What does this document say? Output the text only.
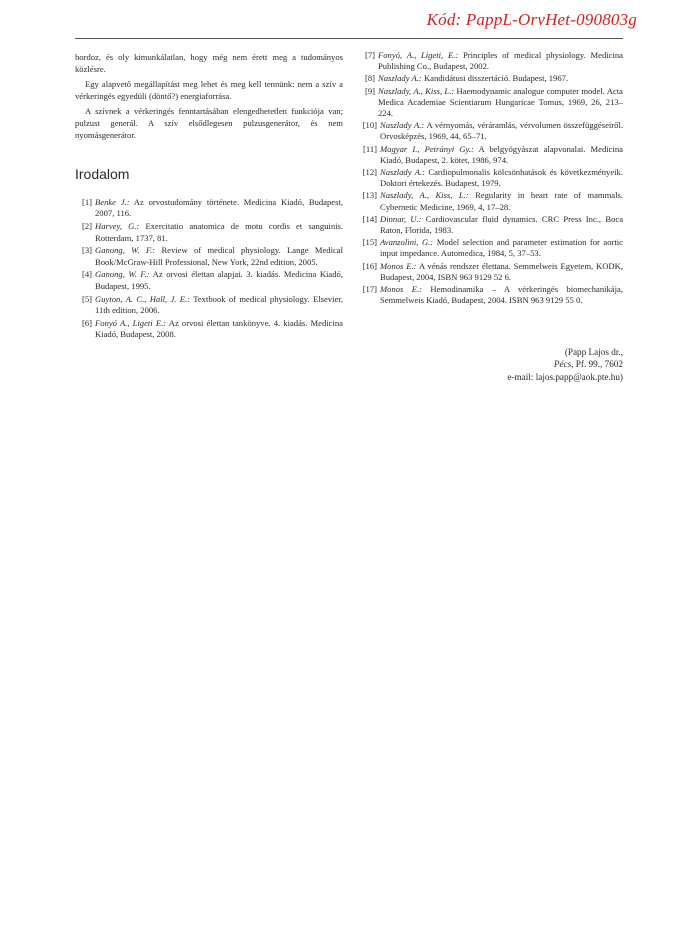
Kód: PappL-OrvHet-090803g

hordoz, és oly kimunkálatlan, hogy még nem érett meg a tudományos közlésre.

Egy alapvető megállapítást meg lehet és meg kell tennünk: nem a szív a vérkeringés egyedüli (döntő?) energiaforrása.

A szívnek a vérkeringés fenntartásában elengedhetetlen funkciója van; pulzust generál. A szív elsődlegesen pulzusgenerátor, és nem nyomásgenerátor.

Irodalom
[1] Benke J.: Az orvostudomány története. Medicina Kiadó, Budapest, 2007, 116.
[2] Harvey, G.: Exercitatio anatomica de motu cordis et sanguinis. Rotterdam, 1737, 81.
[3] Ganong, W. F.: Review of medical physiology. Lange Medical Book/McGraw-Hill Professional, New York, 22nd edition, 2005.
[4] Ganong, W. F.: Az orvosi élettan alapjai. 3. kiadás. Medicina Kiadó, Budapest, 1995.
[5] Guyton, A. C., Hall, J. E.: Textbook of medical physiology. Elsevier, 11th edition, 2006.
[6] Fonyó A., Ligeti E.: Az orvosi élettan tankönyve. 4. kiadás. Medicina Kiadó, Budapest, 2008.
[7] Fonyó, A., Ligeti, E.: Principles of medical physiology. Medicina Publishing Co., Budapest, 2002.
[8] Naszlady A.: Kandidátusi disszertáció. Budapest, 1967.
[9] Naszlady, A., Kiss, L.: Haemodynamic analogue computer model. Acta Medica Academiae Scientiarum Hungaricae Tomus, 1969, 26, 213–224.
[10] Naszlady A.: A vérnyomás, véráramlás, vérvolumen összefüggéseiről. Orvosképzés, 1969, 44, 65–71.
[11] Magyar I., Petrányi Gy.: A belgyógyászat alapvonalai. Medicina Kiadó, Budapest, 2. kötet, 1986, 974.
[12] Naszlady A.: Cardiopulmonalis kölcsönhatások és következményeik. Doktori értekezés. Budapest, 1979.
[13] Naszlady, A., Kiss, L.: Regularity in heart rate of mammals. Cybernetic Medicine, 1969, 4, 17–28.
[14] Dinnar, U.: Cardiovascular fluid dynamics. CRC Press Inc., Boca Raton, Florida, 1983.
[15] Avanzolini, G.: Model selection and parameter estimation for aortic input impedance. Automedica, 1984, 5, 37–53.
[16] Monos E.: A vénás rendszer élettana. Semmelweis Egyetem, KODK, Budapest, 2004, ISBN 963 9129 52 6.
[17] Monos E.: Hemodinamika – A vérkeringés biomechanikája, Semmelweis Kiadó, Budapest, 2004. ISBN 963 9129 55 0.
(Papp Lajos dr.,
Pécs, Pf. 99., 7602
e-mail: lajos.papp@aok.pte.hu)
